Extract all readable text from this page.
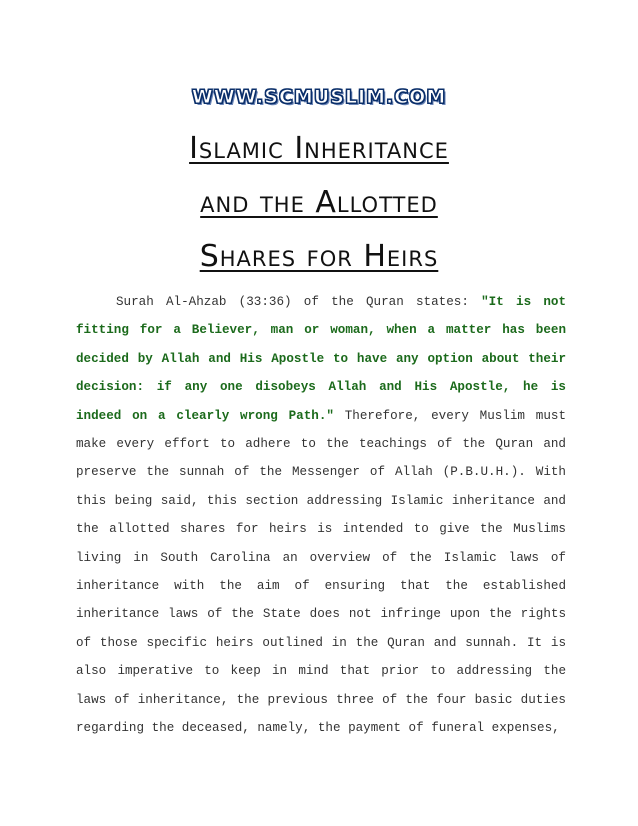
WWW.SCMUSLIM.COM
Islamic Inheritance
and the Allotted
Shares for Heirs
Surah Al-Ahzab (33:36) of the Quran states: "It is not fitting for a Believer, man or woman, when a matter has been decided by Allah and His Apostle to have any option about their decision: if any one disobeys Allah and His Apostle, he is indeed on a clearly wrong Path." Therefore, every Muslim must make every effort to adhere to the teachings of the Quran and preserve the sunnah of the Messenger of Allah (P.B.U.H.). With this being said, this section addressing Islamic inheritance and the allotted shares for heirs is intended to give the Muslims living in South Carolina an overview of the Islamic laws of inheritance with the aim of ensuring that the established inheritance laws of the State does not infringe upon the rights of those specific heirs outlined in the Quran and sunnah. It is also imperative to keep in mind that prior to addressing the laws of inheritance, the previous three of the four basic duties regarding the deceased, namely, the payment of funeral expenses,
